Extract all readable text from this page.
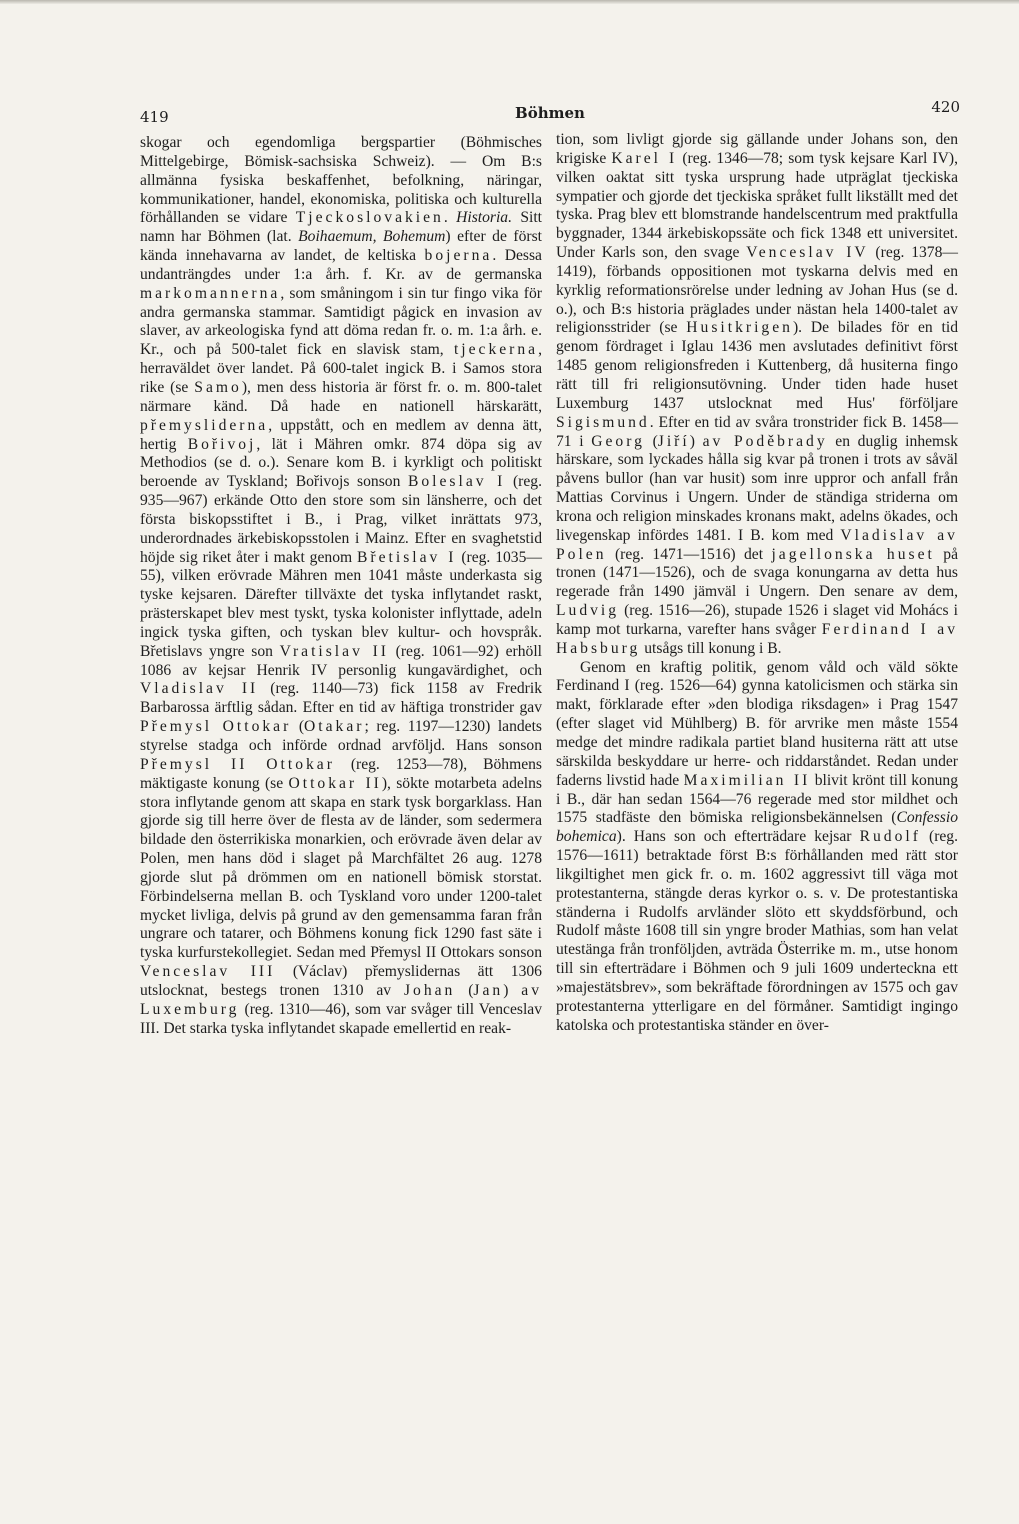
419	Böhmen	420

skogar och egendomliga bergspartier (Böhmisches Mittelgebirge, Bömisk-sachsiska Schweiz). — Om B:s allmänna fysiska beskaffenhet, befolkning, näringar, kommunikationer, handel, ekonomiska, politiska och kulturella förhållanden se vidare Tjeckoslovakien. Historia. Sitt namn har Böhmen (lat. Boihaemum, Bohemum) efter de först kända innehavarna av landet, de keltiska bojerna. Dessa undanträngdes under 1:a årh. f. Kr. av de germanska markomannerna, som småningom i sin tur fingo vika för andra germanska stammar. Samtidigt pågick en invasion av slaver, av arkeologiska fynd att döma redan fr. o. m. 1:a årh. e. Kr., och på 500-talet fick en slavisk stam, tjeckerna, herraväldet över landet. På 600-talet ingick B. i Samos stora rike (se Samo), men dess historia är först fr. o. m. 800-talet närmare känd. Då hade en nationell härskarätt, přemysliderna, uppstått, och en medlem av denna ätt, hertig Bořivoj, lät i Mähren omkr. 874 döpa sig av Methodios (se d. o.). Senare kom B. i kyrkligt och politiskt beroende av Tyskland; Bořivojs sonson Boleslav I (reg. 935—967) erkände Otto den store som sin länsherre, och det första biskopsstiftet i B., i Prag, vilket inrättats 973, underordnades ärkebiskopsstolen i Mainz. Efter en svaghetstid höjde sig riket åter i makt genom Břetislav I (reg. 1035—55), vilken erövrade Mähren men 1041 måste underkasta sig tyske kejsaren. Därefter tillväxte det tyska inflytandet raskt, prästerskapet blev mest tyskt, tyska kolonister inflyttade, adeln ingick tyska giften, och tyskan blev kultur- och hovspråk. Břetislavs yngre son Vratislav II (reg. 1061—92) erhöll 1086 av kejsar Henrik IV personlig kungavärdighet, och Vladislav II (reg. 1140—73) fick 1158 av Fredrik Barbarossa ärftlig sådan. Efter en tid av häftiga tronstrider gav Přemysl Ottokar (Otakar; reg. 1197—1230) landets styrelse stadga och införde ordnad arvföljd. Hans sonson Přemysl II Ottokar (reg. 1253—78), Böhmens mäktigaste konung (se Ottokar II), sökte motarbeta adelns stora inflytande genom att skapa en stark tysk borgarklass. Han gjorde sig till herre över de flesta av de länder, som sedermera bildade den österrikiska monarkien, och erövrade även delar av Polen, men hans död i slaget på Marchfältet 26 aug. 1278 gjorde slut på drömmen om en nationell bömisk storstat. Förbindelserna mellan B. och Tyskland voro under 1200-talet mycket livliga, delvis på grund av den gemensamma faran från ungrare och tatarer, och Böhmens konung fick 1290 fast säte i tyska kurfurstekollegiet. Sedan med Přemysl II Ottokars sonson Venceslav III (Václav) přemyslidernas ätt 1306 utslocknat, bestegs tronen 1310 av Johan (Jan) av Luxemburg (reg. 1310—46), som var svåger till Venceslav III. Det starka tyska inflytandet skapade emellertid en reak-

tion, som livligt gjorde sig gällande under Johans son, den krigiske Karel I (reg. 1346—78; som tysk kejsare Karl IV), vilken oaktat sitt tyska ursprung hade utpräglat tjeckiska sympatier och gjorde det tjeckiska språket fullt likställt med det tyska. Prag blev ett blomstrande handelscentrum med praktfulla byggnader, 1344 ärkebiskopssäte och fick 1348 ett universitet. Under Karls son, den svage Venceslav IV (reg. 1378—1419), förbands oppositionen mot tyskarna delvis med en kyrklig reformationsrörelse under ledning av Johan Hus (se d. o.), och B:s historia präglades under nästan hela 1400-talet av religionsstrider (se Husitkrigen). De bilades för en tid genom fördraget i Iglau 1436 men avslutades definitivt först 1485 genom religionsfreden i Kuttenberg, då husiterna fingo rätt till fri religionsutövning. Under tiden hade huset Luxemburg 1437 utslocknat med Hus' förföljare Sigismund. Efter en tid av svåra tronstrider fick B. 1458—71 i Georg (Jiří) av Poděbrady en duglig inhemsk härskare, som lyckades hålla sig kvar på tronen i trots av såväl påvens bullor (han var husit) som inre uppror och anfall från Mattias Corvinus i Ungern. Under de ständiga striderna om krona och religion minskades kronans makt, adelns ökades, och livegenskap infördes 1481. I B. kom med Vladislav av Polen (reg. 1471—1516) det jagellonska huset på tronen (1471—1526), och de svaga konungarna av detta hus regerade från 1490 jämväl i Ungern. Den senare av dem, Ludvig (reg. 1516—26), stupade 1526 i slaget vid Mohács i kamp mot turkarna, varefter hans svåger Ferdinand I av Habsburg utsågs till konung i B.

Genom en kraftig politik, genom våld och väld sökte Ferdinand I (reg. 1526—64) gynna katolicismen och stärka sin makt, förklarade efter »den blodiga riksdagen» i Prag 1547 (efter slaget vid Mühlberg) B. för arvrike men måste 1554 medge det mindre radikala partiet bland husiterna rätt att utse särskilda beskyddare ur herre- och riddarståndet. Redan under faderns livstid hade Maximilian II blivit krönt till konung i B., där han sedan 1564—76 regerade med stor mildhet och 1575 stadfäste den bömiska religionsbekännelsen (Confessio bohemica). Hans son och efterträdare kejsar Rudolf (reg. 1576—1611) betraktade först B:s förhållanden med rätt stor likgiltighet men gick fr. o. m. 1602 aggressivt till väga mot protestanterna, stängde deras kyrkor o. s. v. De protestantiska ständerna i Rudolfs arvländer slöto ett skyddsförbund, och Rudolf måste 1608 till sin yngre broder Mathias, som han velat utestänga från tronföljden, avträda Österrike m. m., utse honom till sin efterträdare i Böhmen och 9 juli 1609 underteckna ett »majestätsbrev», som bekräftade förordningen av 1575 och gav protestanterna ytterligare en del förmåner. Samtidigt ingingo katolska och protestantiska ständer en över-
